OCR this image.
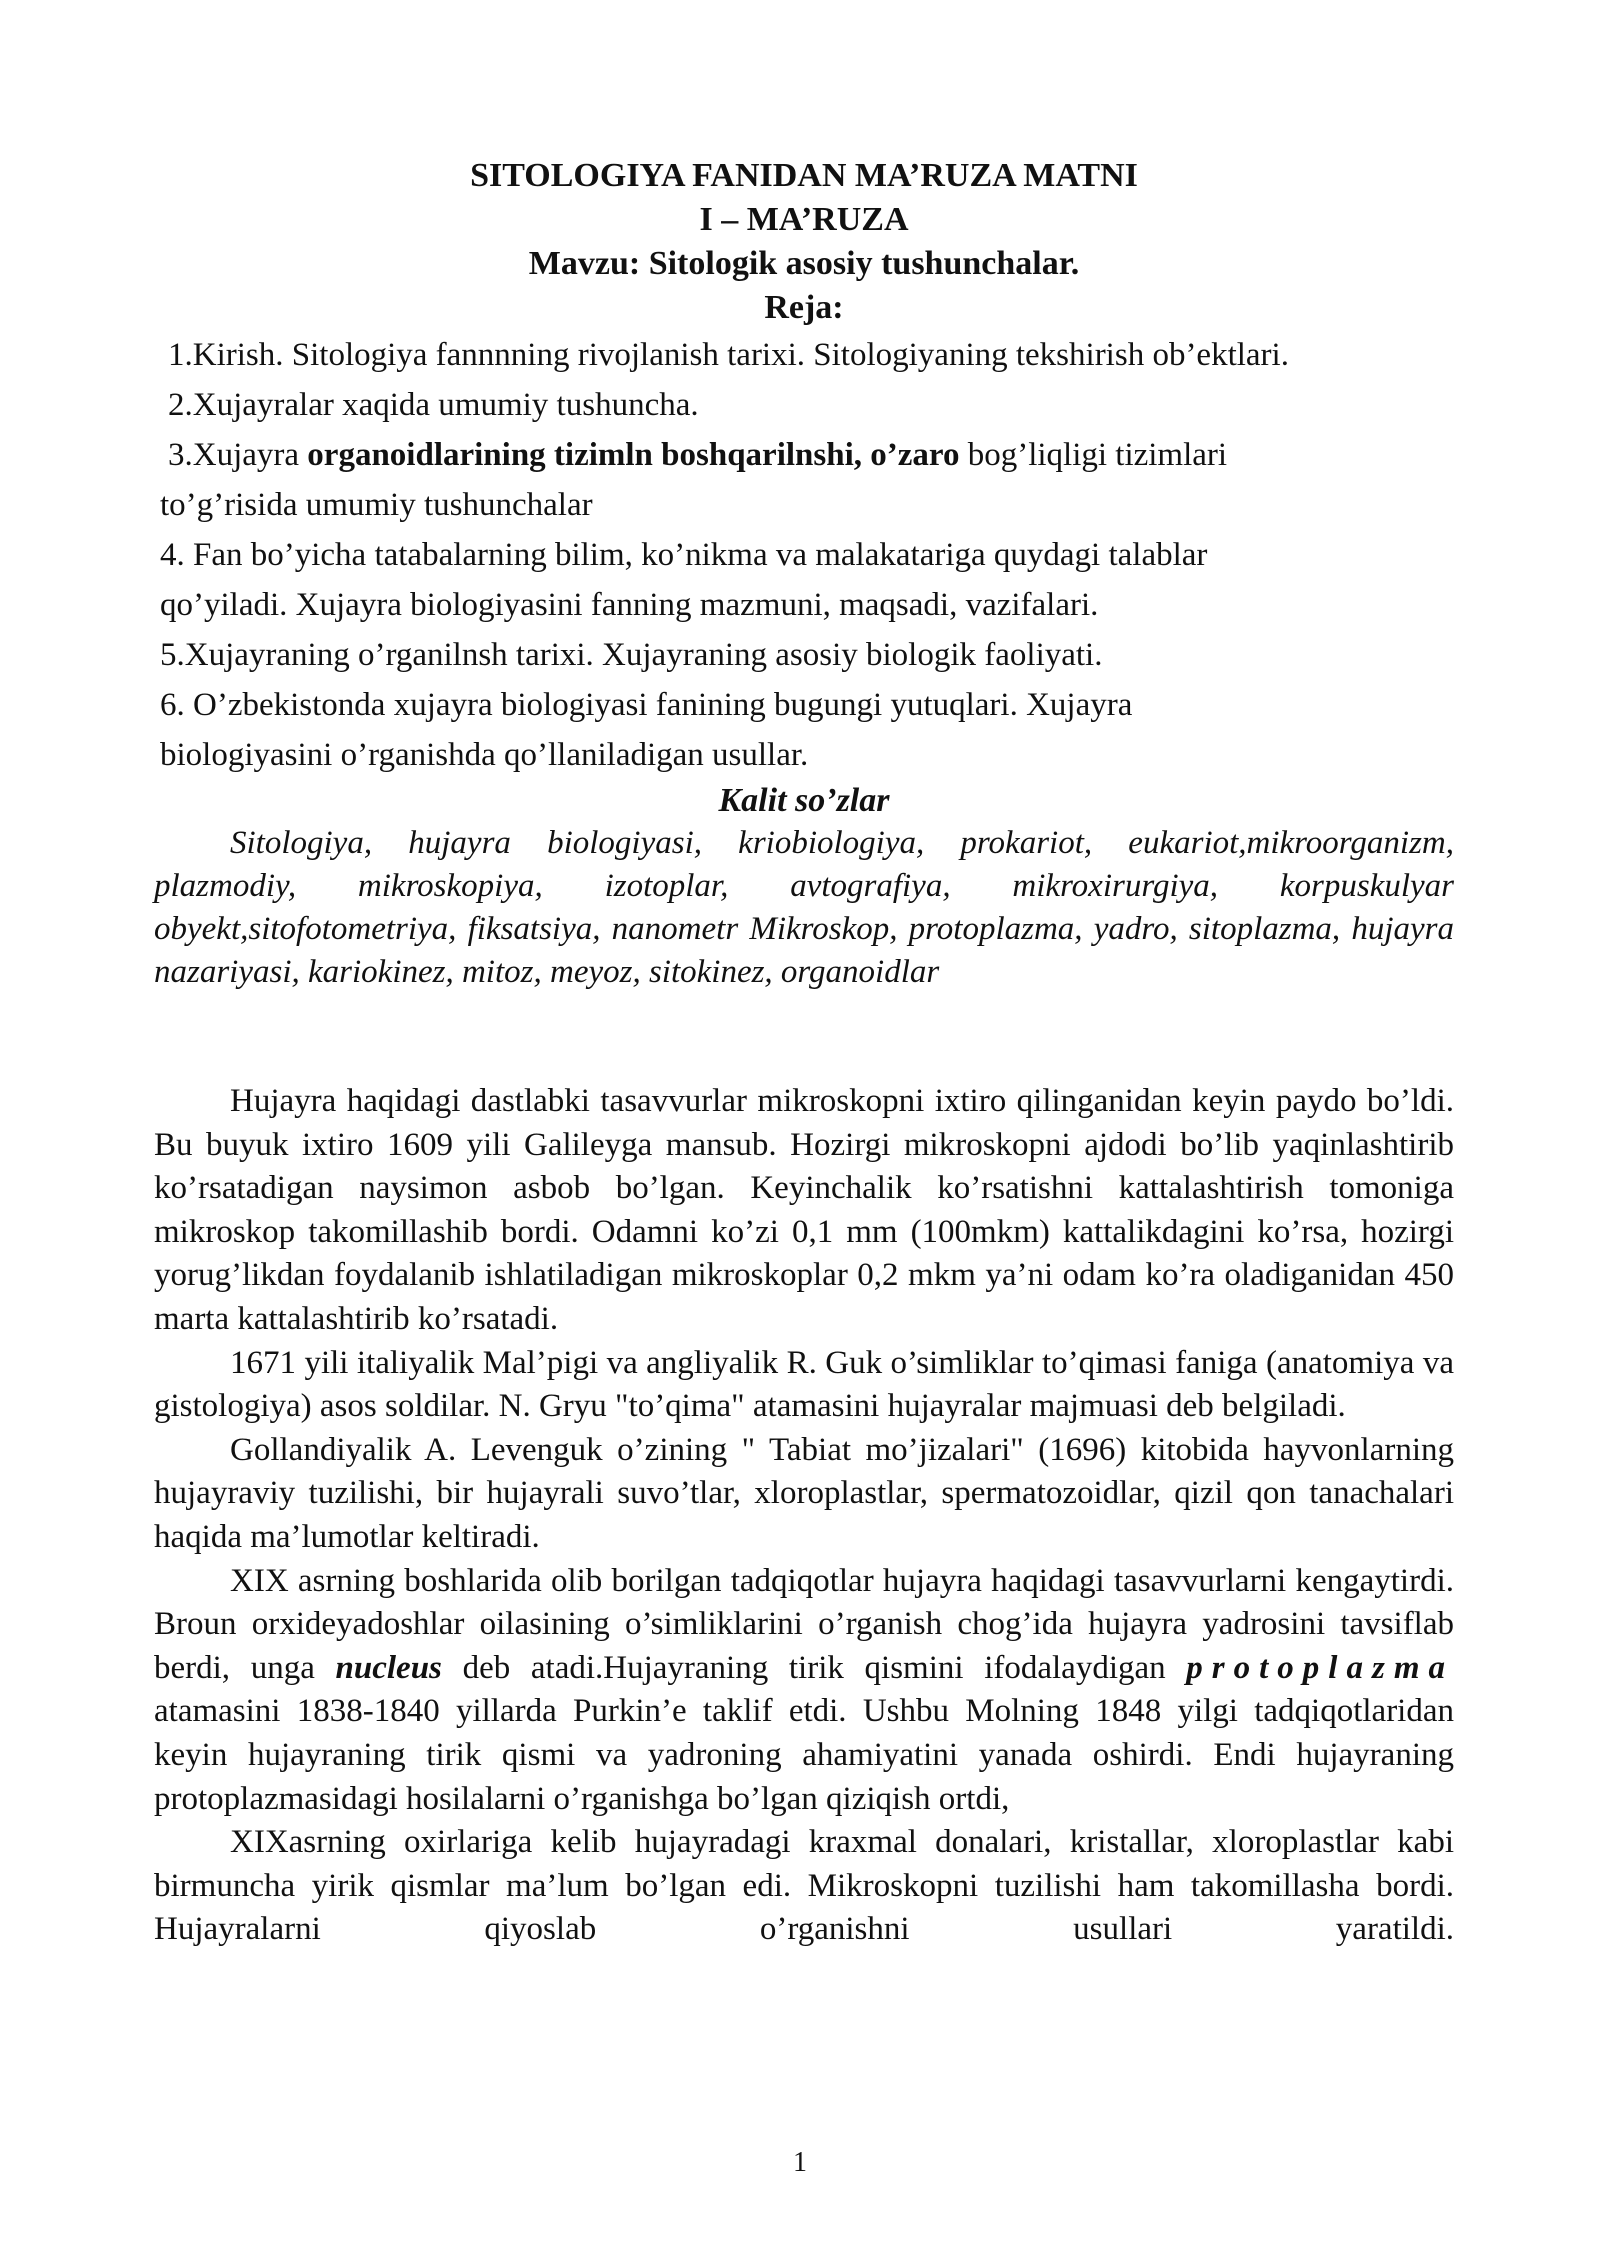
SITOLOGIYA FANIDAN MA’RUZA MATNI
I – MA’RUZA
Mavzu: Sitologik asosiy tushunchalar.
Reja:

1.Kirish. Sitologiya fannnning rivojlanish tarixi. Sitologiyaning tekshirish ob’ektlari.

2.Xujayralar xaqida umumiy tushuncha.

3.Xujayra organoidlarining tizimln boshqarilnshi, o’zaro bog’liqligi tizimlari

to’g’risida umumiy tushunchalar

4. Fan bo’yicha tatabalarning bilim, ko’nikma va malakatariga quydagi talablar

qo’yiladi. Xujayra biologiyasini fanning mazmuni, maqsadi, vazifalari.

5.Xujayraning o’rganilnsh tarixi. Xujayraning asosiy biologik faoliyati.

6. O’zbekistonda xujayra biologiyasi fanining bugungi yutuqlari. Xujayra

biologiyasini o’rganishda qo’llaniladigan usullar.

Kalit so’zlar
Sitologiya, hujayra biologiyasi, kriobiologiya, prokariot, eukariot,mikroorganizm, plazmodiy, mikroskopiya, izotoplar, avtografiya, mikroxirurgiya, korpuskulyar obyekt,sitofotometriya, fiksatsiya, nanometr Mikroskop, protoplazma, yadro, sitoplazma, hujayra nazariyasi, kariokinez, mitoz, meyoz, sitokinez, organoidlar

Hujayra haqidagi dastlabki tasavvurlar mikroskopni ixtiro qilinganidan keyin paydo bo’ldi. Bu buyuk ixtiro 1609 yili Galileyga mansub. Hozirgi mikroskopni ajdodi bo’lib yaqinlashtirib ko’rsatadigan naysimon asbob bo’lgan. Keyinchalik ko’rsatishni kattalashtirish tomoniga mikroskop takomillashib bordi. Odamni ko’zi 0,1 mm (100mkm) kattalikdagini ko’rsa, hozirgi yorug’likdan foydalanib ishlatiladigan mikroskoplar 0,2 mkm ya’ni odam ko’ra oladiganidan 450 marta kattalashtirib ko’rsatadi.

1671 yili italiyalik Mal’pigi va angliyalik R. Guk o’simliklar to’qimasi faniga (anatomiya va gistologiya) asos soldilar. N. Gryu "to’qima" atamasini hujayralar majmuasi deb belgiladi.

Gollandiyalik A. Levenguk o’zining " Tabiat mo’jizalari" (1696) kitobida hayvonlarning hujayraviy tuzilishi, bir hujayrali suvo’tlar, xloroplastlar, spermatozoidlar, qizil qon tanachalari haqida ma’lumotlar keltiradi.

XIX asrning boshlarida olib borilgan tadqiqotlar hujayra haqidagi tasavvurlarni kengaytirdi. Broun orxideyadoshlar oilasining o’simliklarini o’rganish chog’ida hujayra yadrosini tavsiflab berdi, unga nucleus deb atadi.Hujayraning tirik qismini ifodalaydigan protoplazma atamasini 1838-1840 yillarda Purkin’e taklif etdi. Ushbu Molning 1848 yilgi tadqiqotlaridan keyin hujayraning tirik qismi va yadroning ahamiyatini yanada oshirdi. Endi hujayraning protoplazmasidagi hosilalarni o’rganishga bo’lgan qiziqish ortdi,

XIXasrning oxirlariga kelib hujayradagi kraxmal donalari, kristallar, xloroplastlar kabi birmuncha yirik qismlar ma’lum bo’lgan edi. Mikroskopni tuzilishi ham takomillasha bordi. Hujayralarni qiyoslab o’rganishni usullari yaratildi.

1
